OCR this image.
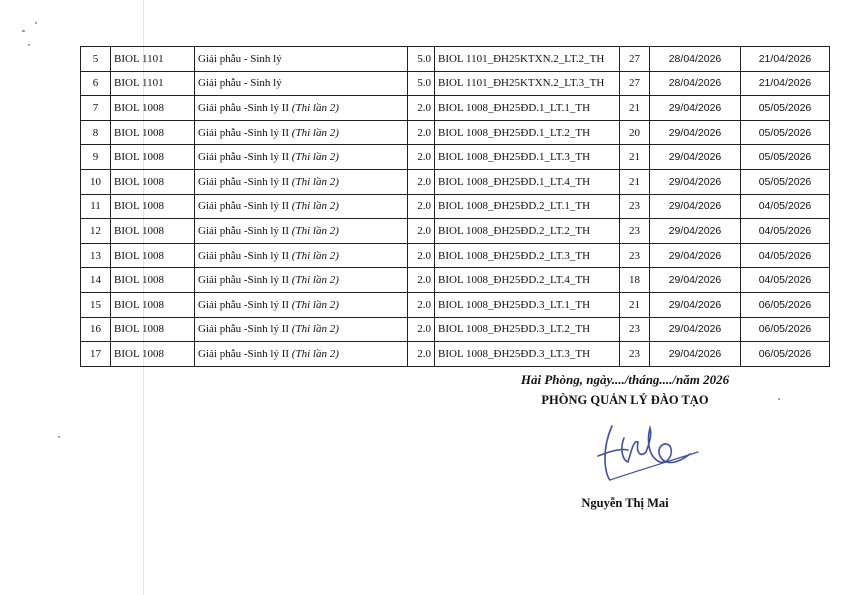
5	BIOL 1101	Giải phẫu - Sinh lý	5.0	BIOL 1101_ĐH25KTXN.2_LT.2_TH	27	28/04/2026	21/04/2026
6	BIOL 1101	Giải phẫu - Sinh lý	5.0	BIOL 1101_ĐH25KTXN.2_LT.3_TH	27	28/04/2026	21/04/2026
7	BIOL 1008	Giải phẫu -Sinh lý II (Thi lần 2)	2.0	BIOL 1008_ĐH25ĐD.1_LT.1_TH	21	29/04/2026	05/05/2026
8	BIOL 1008	Giải phẫu -Sinh lý II (Thi lần 2)	2.0	BIOL 1008_ĐH25ĐD.1_LT.2_TH	20	29/04/2026	05/05/2026
9	BIOL 1008	Giải phẫu -Sinh lý II (Thi lần 2)	2.0	BIOL 1008_ĐH25ĐD.1_LT.3_TH	21	29/04/2026	05/05/2026
10	BIOL 1008	Giải phẫu -Sinh lý II (Thi lần 2)	2.0	BIOL 1008_ĐH25ĐD.1_LT.4_TH	21	29/04/2026	05/05/2026
11	BIOL 1008	Giải phẫu -Sinh lý II (Thi lần 2)	2.0	BIOL 1008_ĐH25ĐD.2_LT.1_TH	23	29/04/2026	04/05/2026
12	BIOL 1008	Giải phẫu -Sinh lý II (Thi lần 2)	2.0	BIOL 1008_ĐH25ĐD.2_LT.2_TH	23	29/04/2026	04/05/2026
13	BIOL 1008	Giải phẫu -Sinh lý II (Thi lần 2)	2.0	BIOL 1008_ĐH25ĐD.2_LT.3_TH	23	29/04/2026	04/05/2026
14	BIOL 1008	Giải phẫu -Sinh lý II (Thi lần 2)	2.0	BIOL 1008_ĐH25ĐD.2_LT.4_TH	18	29/04/2026	04/05/2026
15	BIOL 1008	Giải phẫu -Sinh lý II (Thi lần 2)	2.0	BIOL 1008_ĐH25ĐD.3_LT.1_TH	21	29/04/2026	06/05/2026
16	BIOL 1008	Giải phẫu -Sinh lý II (Thi lần 2)	2.0	BIOL 1008_ĐH25ĐD.3_LT.2_TH	23	29/04/2026	06/05/2026
17	BIOL 1008	Giải phẫu -Sinh lý II (Thi lần 2)	2.0	BIOL 1008_ĐH25ĐD.3_LT.3_TH	23	29/04/2026	06/05/2026
Hải Phòng, ngày..../tháng..../năm 2026
PHÒNG QUẢN LÝ ĐÀO TẠO
Nguyễn Thị Mai
